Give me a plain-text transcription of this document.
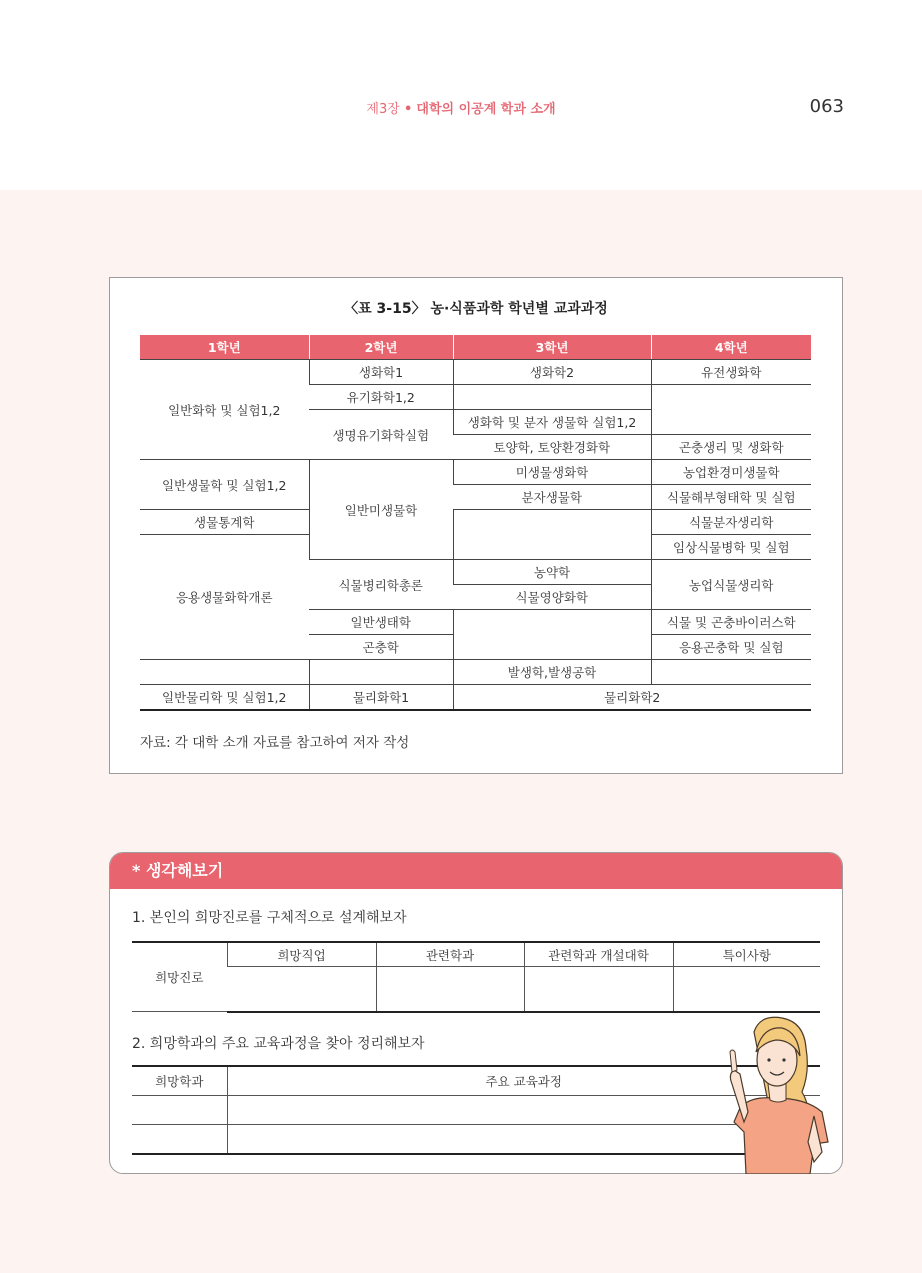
제3장 • 대학의 이공계 학과 소개	063
〈표 3-15〉 농·식품과학 학년별 교과과정
1학년	2학년	3학년	4학년
일반화학 및 실험1,2	생화학1	생화학2	유전생화학
	유기화학1,2		
	생명유기화학실험	생화학 및 분자 생물학 실험1,2	
		토양학, 토양환경화학	곤충생리 및 생화학
일반생물학 및 실험1,2	일반미생물학	미생물생화학	농업환경미생물학
		분자생물학	식물해부형태학 및 실험
생물통계학			식물분자생리학
응용생물화학개론			임상식물병학 및 실험
	식물병리학총론	농약학	농업식물생리학
		식물영양화학	
	일반생태학		식물 및 곤충바이러스학
	곤충학		응용곤충학 및 실험
		발생학,발생공학	
일반물리학 및 실험1,2	물리화학1	물리화학2	
자료: 각 대학 소개 자료를 참고하여 저자 작성
* 생각해보기
1. 본인의 희망진로를 구체적으로 설계해보자
희망진로	희망직업	관련학과	관련학과 개설대학	특이사항

2. 희망학과의 주요 교육과정을 찾아 정리해보자
희망학과	주요 교육과정
